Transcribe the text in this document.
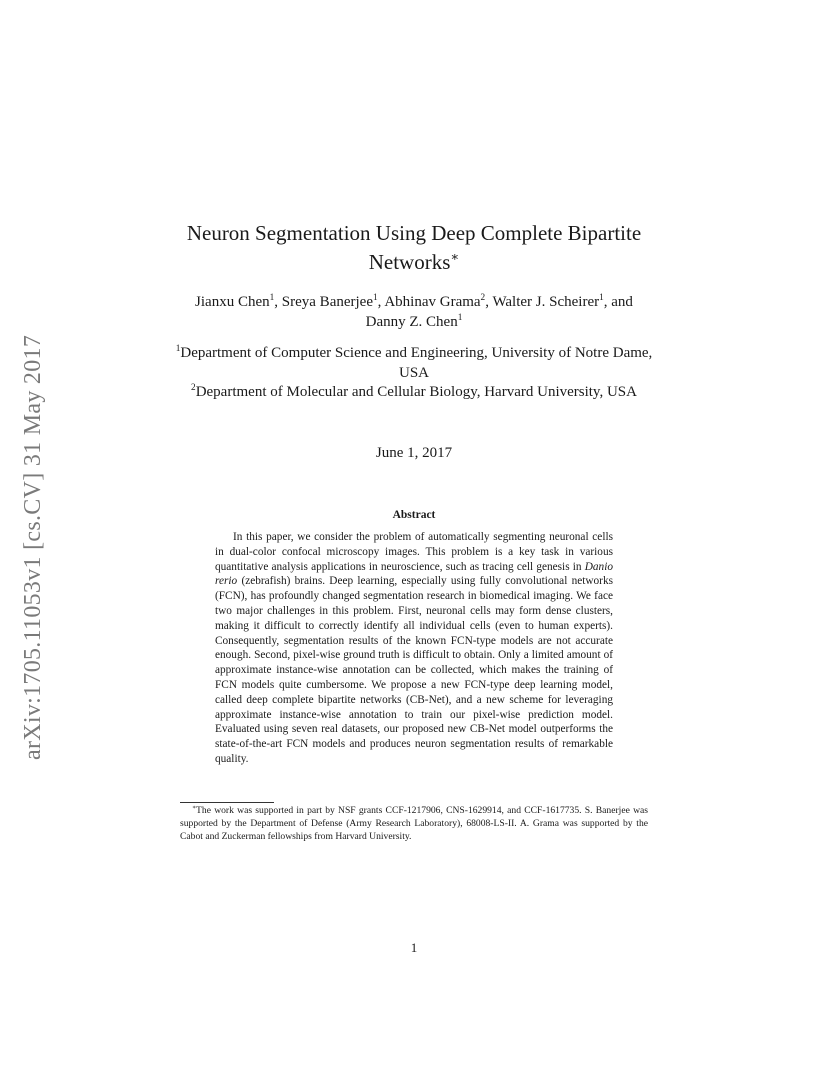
arXiv:1705.11053v1 [cs.CV] 31 May 2017
Neuron Segmentation Using Deep Complete Bipartite Networks∗
Jianxu Chen$^1$, Sreya Banerjee$^1$, Abhinav Grama$^2$, Walter J. Scheirer$^1$, and Danny Z. Chen$^1$

$^1$Department of Computer Science and Engineering, University of Notre Dame, USA

$^2$Department of Molecular and Cellular Biology, Harvard University, USA

June 1, 2017
Abstract

In this paper, we consider the problem of automatically segmenting neuronal cells in dual-color confocal microscopy images. This problem is a key task in various quantitative analysis applications in neuroscience, such as tracing cell genesis in Danio rerio (zebrafish) brains. Deep learning, especially using fully convolutional networks (FCN), has profoundly changed segmentation research in biomedical imaging. We face two major challenges in this problem. First, neuronal cells may form dense clusters, making it difficult to correctly identify all individual cells (even to human experts). Consequently, segmentation results of the known FCN-type models are not accurate enough. Second, pixel-wise ground truth is difficult to obtain. Only a limited amount of approximate instance-wise annotation can be collected, which makes the training of FCN models quite cumbersome. We propose a new FCN-type deep learning model, called deep complete bipartite networks (CB-Net), and a new scheme for leveraging approximate instance-wise annotation to train our pixel-wise prediction model. Evaluated using seven real datasets, our proposed new CB-Net model outperforms the state-of-the-art FCN models and produces neuron segmentation results of remarkable quality.

∗The work was supported in part by NSF grants CCF-1217906, CNS-1629914, and CCF-1617735. S. Banerjee was supported by the Department of Defense (Army Research Laboratory), 68008-LS-II. A. Grama was supported by the Cabot and Zuckerman fellowships from Harvard University.

1
